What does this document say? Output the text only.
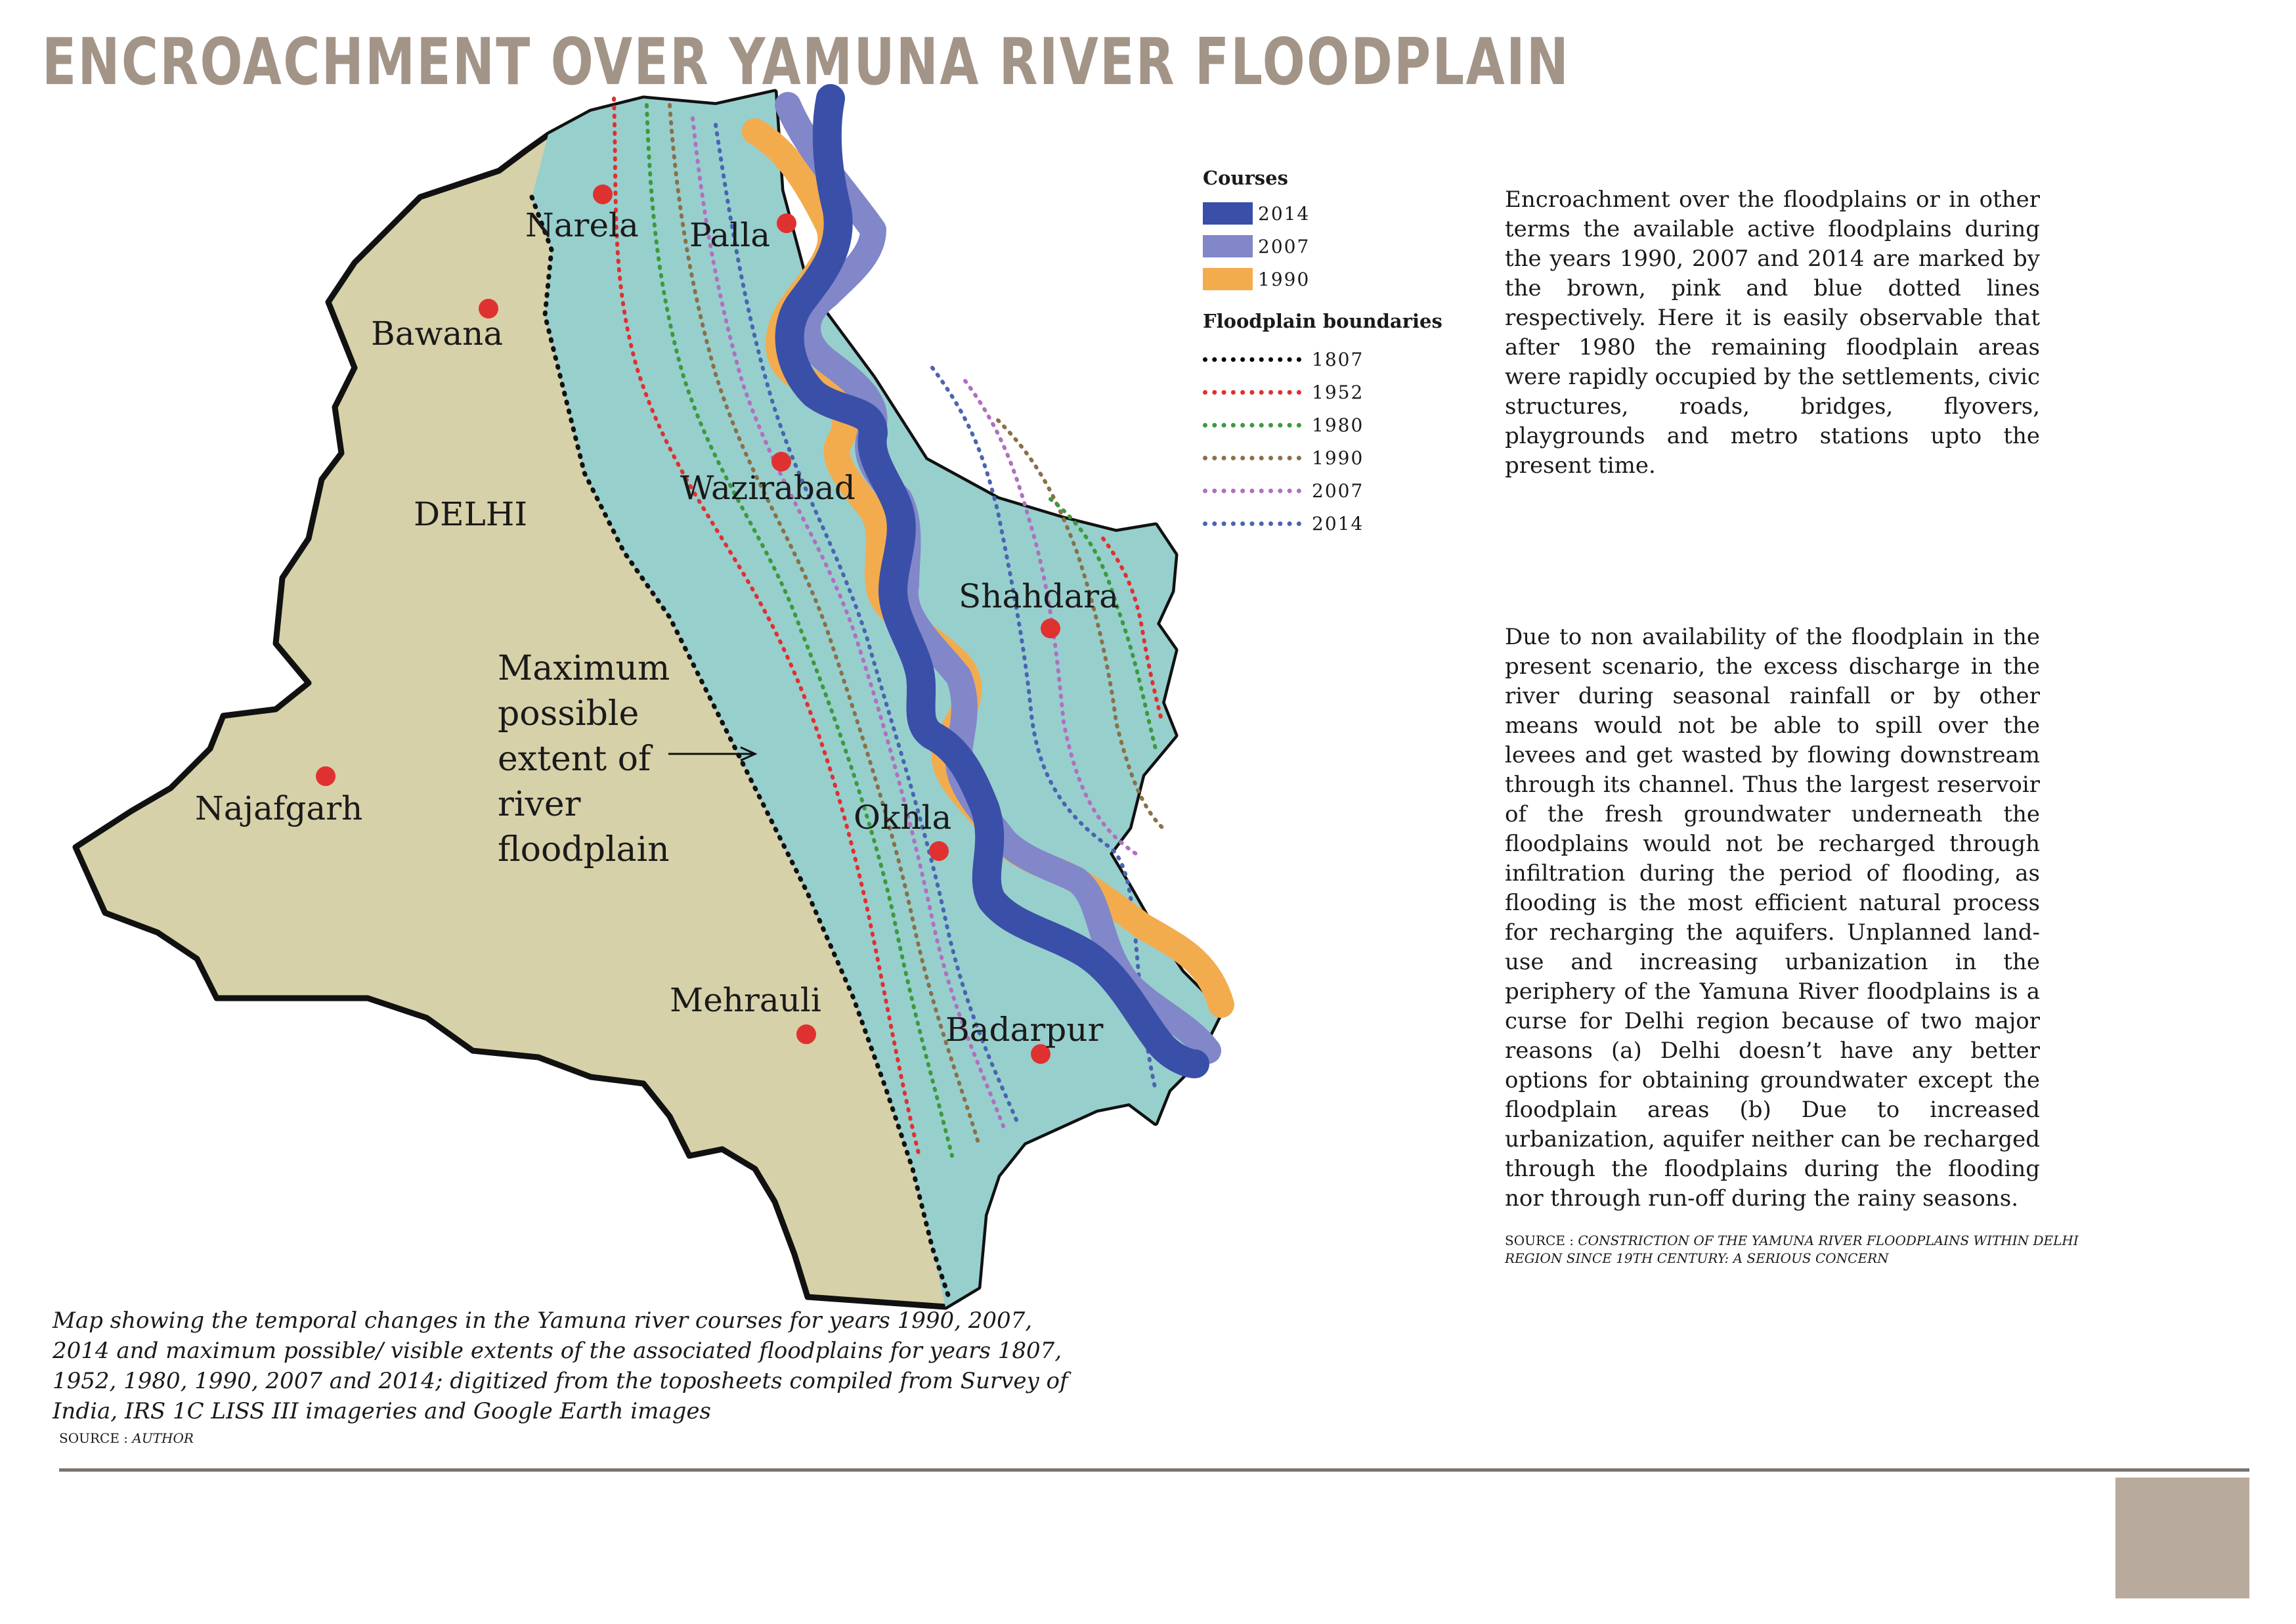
ENCROACHMENT OVER YAMUNA RIVER FLOODPLAIN
Narela Palla
Bawana
DELHI
Wazirabad
Shahdara
Najafgarh	Okhla
Mehrauli
Badarpur
Maximum
possible
extent of
river
floodplain
Courses
2014
2007
1990
Floodplain boundaries
1807
1952
1980
1990
2007
2014

Encroachment over the floodplains or in other terms the available active floodplains during the years 1990, 2007 and 2014 are marked by the brown, pink and blue dotted lines respectively. Here it is easily observable that after 1980 the remaining floodplain areas were rapidly occupied by the settlements, civic structures, roads, bridges, flyovers, playgrounds and metro stations upto the present time.

Due to non availability of the floodplain in the present scenario, the excess discharge in the river during seasonal rainfall or by other means would not be able to spill over the levees and get wasted by flowing downstream through its channel. Thus the largest reservoir of the fresh groundwater underneath the floodplains would not be recharged through infiltration during the period of flooding, as flooding is the most efficient natural process for recharging the aquifers. Unplanned land-use and increasing urbanization in the periphery of the Yamuna River floodplains is a curse for Delhi region because of two major reasons (a) Delhi doesn’t have any better options for obtaining groundwater except the floodplain areas (b) Due to increased urbanization, aquifer neither can be recharged through the floodplains during the flooding nor through run-off during the rainy seasons.

SOURCE : CONSTRICTION OF THE YAMUNA RIVER FLOODPLAINS WITHIN DELHI REGION SINCE 19TH CENTURY: A SERIOUS CONCERN

Map showing the temporal changes in the Yamuna river courses for years 1990, 2007, 2014 and maximum possible/ visible extents of the associated floodplains for years 1807, 1952, 1980, 1990, 2007 and 2014; digitized from the toposheets compiled from Survey of India, IRS 1C LISS III imageries and Google Earth images

SOURCE : AUTHOR
